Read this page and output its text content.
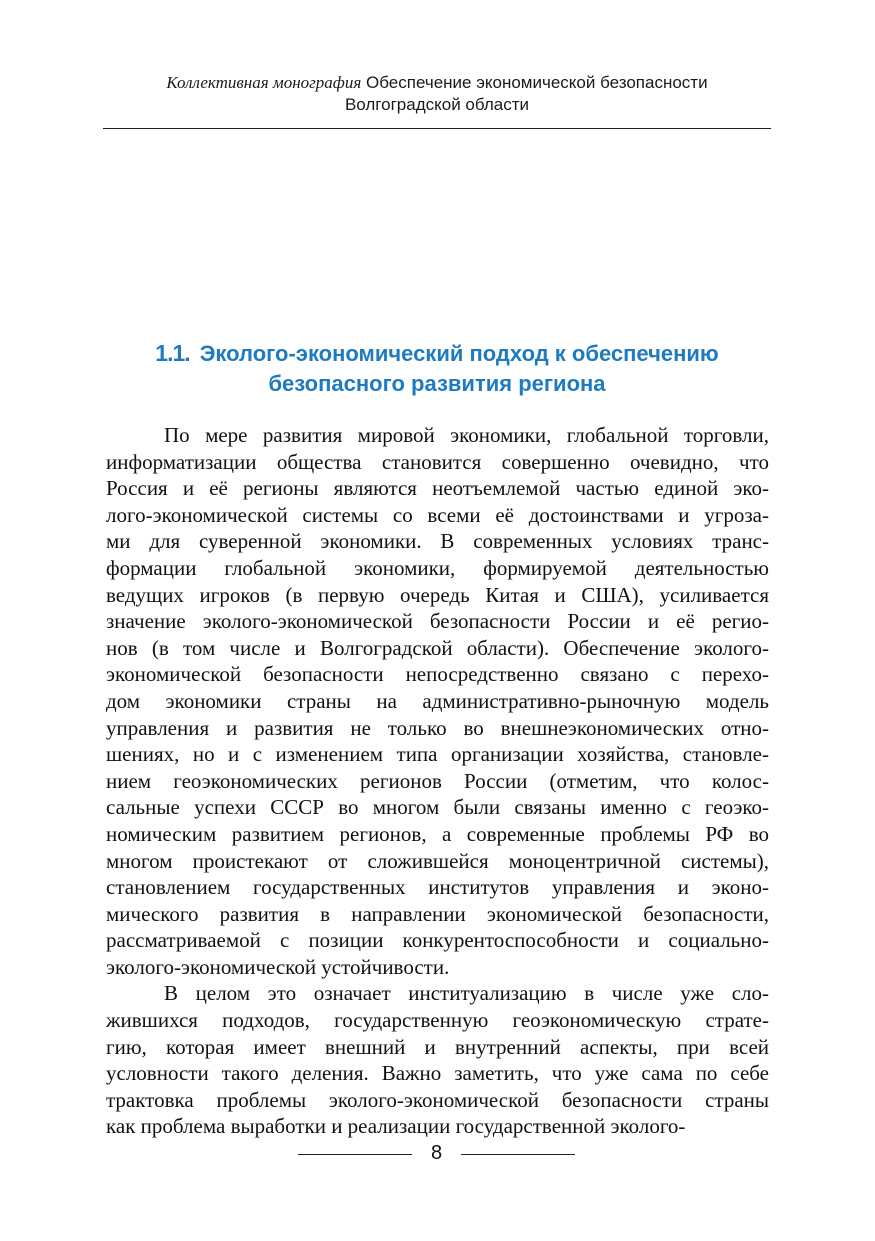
Коллективная монография Обеспечение экономической безопасности
Волгоградской области
1.1. Эколого-экономический подход к обеспечению
безопасного развития региона

По мере развития мировой экономики, глобальной торговли,
информатизации общества становится совершенно очевидно, что
Россия и её регионы являются неотъемлемой частью единой эко-
лого-экономической системы со всеми её достоинствами и угроза-
ми для суверенной экономики. В современных условиях транс-
формации глобальной экономики, формируемой деятельностью
ведущих игроков (в первую очередь Китая и США), усиливается
значение эколого-экономической безопасности России и её регио-
нов (в том числе и Волгоградской области). Обеспечение эколого-
экономической безопасности непосредственно связано с перехо-
дом экономики страны на административно-рыночную модель
управления и развития не только во внешнеэкономических отно-
шениях, но и с изменением типа организации хозяйства, становле-
нием геоэкономических регионов России (отметим, что колос-
сальные успехи СССР во многом были связаны именно с геоэко-
номическим развитием регионов, а современные проблемы РФ во
многом проистекают от сложившейся моноцентричной системы),
становлением государственных институтов управления и эконо-
мического развития в направлении экономической безопасности,
рассматриваемой с позиции конкурентоспособности и социально-
эколого-экономической устойчивости.

В целом это означает институализацию в числе уже сло-
жившихся подходов, государственную геоэкономическую страте-
гию, которая имеет внешний и внутренний аспекты, при всей
условности такого деления. Важно заметить, что уже сама по себе
трактовка проблемы эколого-экономической безопасности страны
как проблема выработки и реализации государственной эколого-

8
